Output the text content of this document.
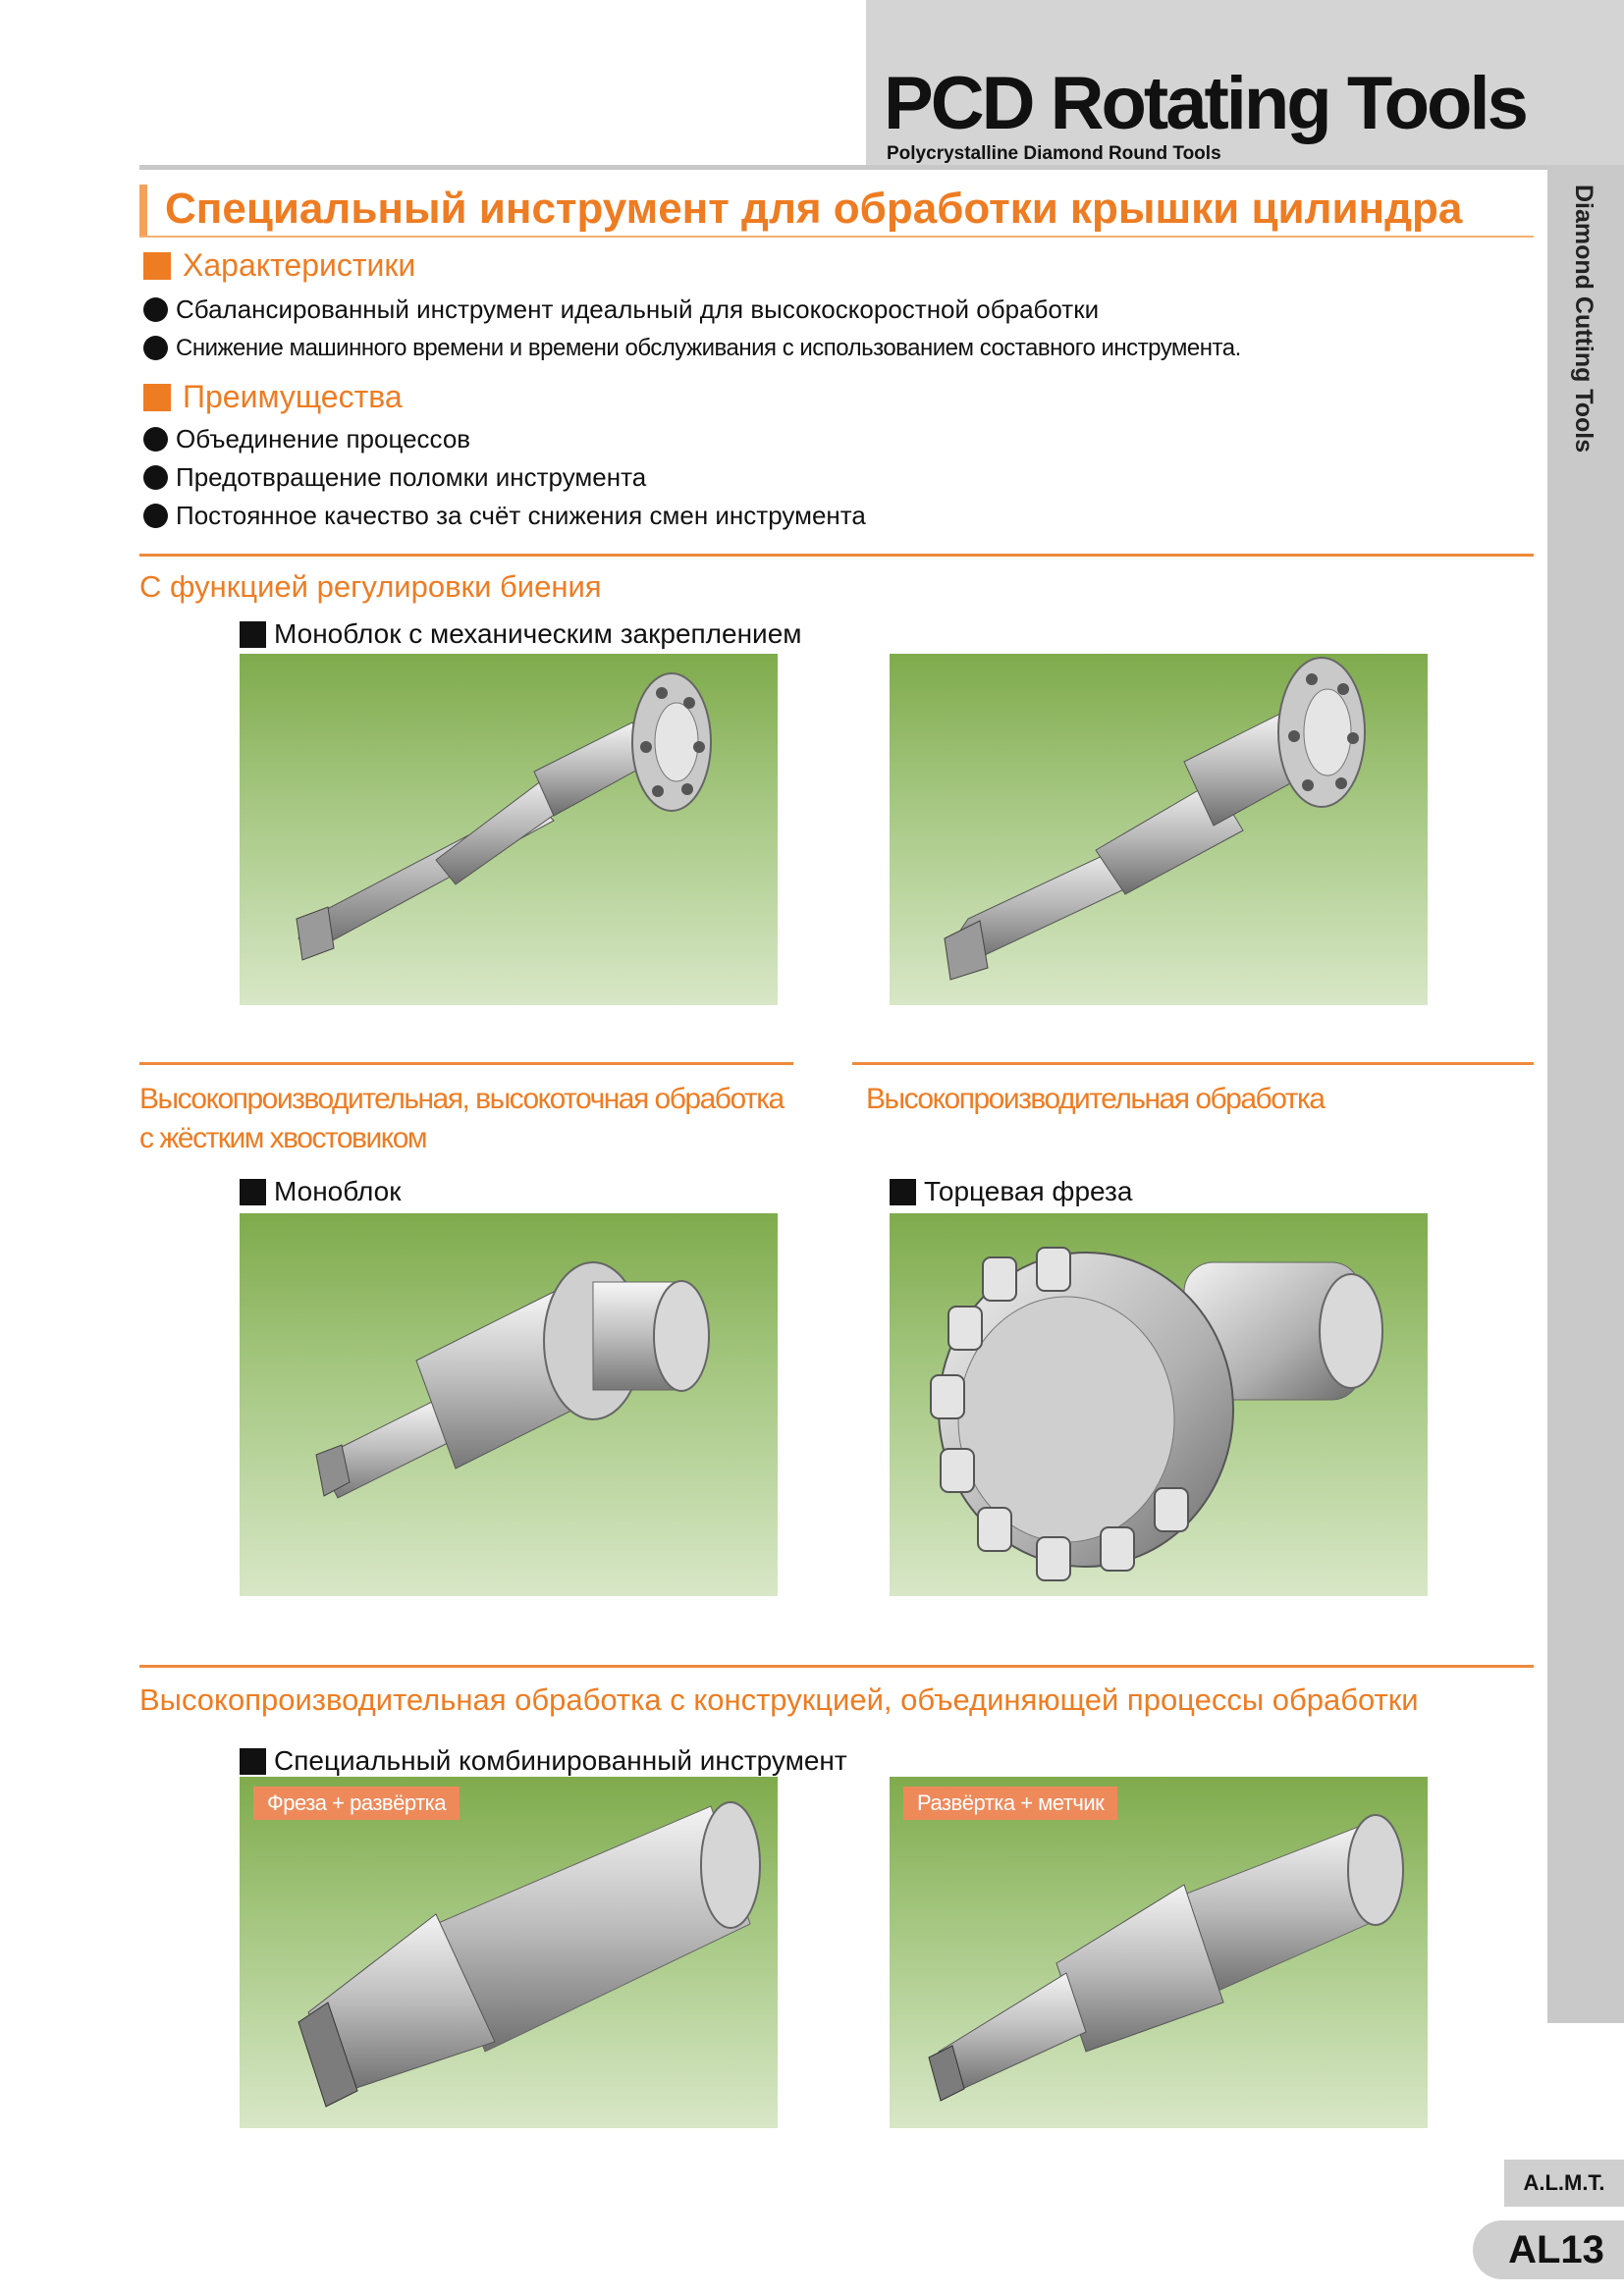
PCD Rotating Tools
Polycrystalline Diamond Round Tools
Diamond Cutting Tools
Специальный инструмент для обработки крышки цилиндра
Характеристики
Сбалансированный инструмент идеальный для высокоскоростной обработки
Снижение машинного времени и времени обслуживания с использованием составного инструмента.
Преимущества
Объединение процессов
Предотвращение поломки инструмента
Постоянное качество за счёт снижения смен инструмента
С функцией регулировки биения
Моноблок с механическим закреплением
Высокопроизводительная, высокоточная обработка
с жёстким хвостовиком
Высокопроизводительная обработка
Моноблок	Торцевая фреза
Высокопроизводительная обработка с конструкцией, объединяющей процессы обработки
Специальный комбинированный инструмент
Фреза + развёртка	Развёртка + метчик
A.L.M.T.
AL13
